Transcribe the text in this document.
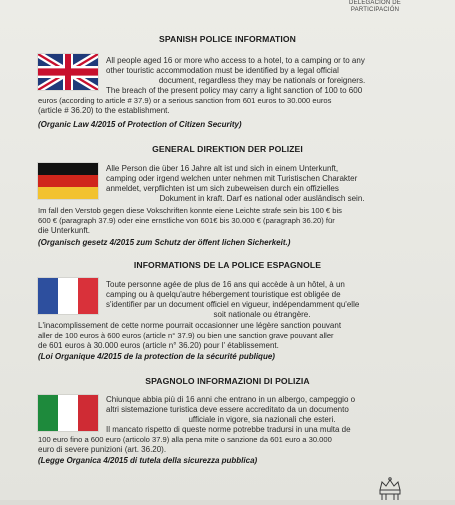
DELEGACIÓN DE
PARTICIPACIÓN
SPANISH POLICE INFORMATION
All people aged 16 or more who access to a hotel, to a camping or to any
other touristic accommodation must be identified by a legal official
document, regardless they may be nationals or foreigners.
The breach of the present policy may carry a light sanction of 100 to 600
euros (according to article # 37.9) or a serious sanction from 601 euros to 30.000 euros
(article # 36.20) to the establishment.
(Organic Law 4/2015 of Protection of Citizen Security)
GENERAL DIREKTION DER POLIZEI
Alle Person die über 16 Jahre alt ist und sich in einem Unterkunft,
camping oder irgend welchen unter nehmen mit Turistischen Charakter
anmeldet, verpflichten ist um sich zubeweisen durch ein offizielles
Dokument in kraft. Darf es national oder ausländisch sein.
Im fall den Verstob gegen diese Vokschriften konnte eiene Leichte strafe sein bis 100 € bis
600 € (paragraph 37.9) oder eine ernstliche von 601€ bis 30.000 € (paragraph 36.20) für
die Unterkunft.
(Organisch gesetz 4/2015 zum Schutz der öffent lichen Sicherkeit.)
INFORMATIONS DE LA POLICE ESPAGNOLE
Toute personne agée de plus de 16 ans qui accède à un hôtel, à un
camping ou à quelqu'autre hébergement touristique est obligée de
s'identifier par un document officiel en vigueur, indépendamment qu'elle
soit nationale ou étrangère.
L'inacomplissement de cette norme pourrait occasionner une légère sanction pouvant
aller de 100 euros à 600 euros (article n° 37.9) ou bien une sanction grave pouvant aller
de 601 euros à 30.000 euros (article n° 36.20) pour l' établissement.
(Loi Organique 4/2015 de la protection de la sécurité publique)
SPAGNOLO INFORMAZIONI DI POLIZIA
Chiunque abbia più di 16 anni che entrano in un albergo, campeggio o
altri sistemazione turistica deve essere accreditato da un documento
ufficiale in vigore, sia nazionali che esteri.
Il mancato rispetto di queste norme potrebbe tradursi in una multa de
100 euro fino a 600 euro (articolo 37.9) alla pena mite o sanzione da 601 euro a 30.000
euro di severe punizioni (art. 36.20).
(Legge Organica 4/2015 di tutela della sicurezza pubblica)
